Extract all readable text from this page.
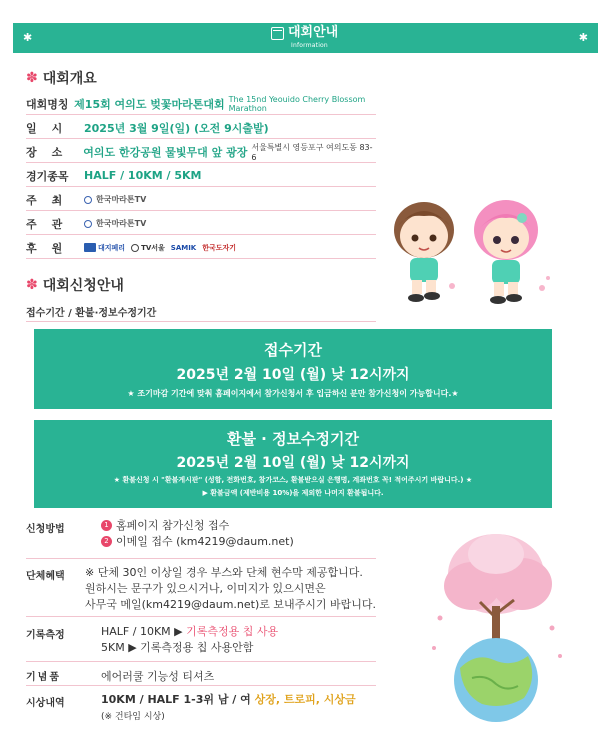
✱	대회안내
Information
✱
✽ 대회개요
대회명칭 제15회 여의도 벚꽃마라톤대회 The 15nd Yeouido Cherry Blossom Marathon
일시 2025년 3월 9일(일) (오전 9시출발)
장소 여의도 한강공원 물빛무대 앞 광장 서울특별시 영등포구 여의도동 83-6
경기종목	HALF / 10KM / 5KM
주최	한국마라톤TV
주관	한국마라톤TV
후원	대지페리 TV서울 SAMIK 한국도자기
✽ 대회신청안내
접수기간 / 환불·정보수정기간
접수기간
2025년 2월 10일 (월) 낮 12시까지
★ 조기마감 기간에 맞춰 홈페이지에서 참가신청서 후 입금하신 분만 참가신청이 가능합니다.★
환불 · 정보수정기간
2025년 2월 10일 (월) 낮 12시까지
★ 환불신청 시 "환불게시판" (성함, 전화번호, 참가코스, 환불받으실 은행명, 계좌번호 꼭! 적어주시기 바랍니다.) ★
▶ 환불금액 (제반비용 10%)을 제외한 나머지 환불됩니다.
신청방법	1 홈페이지 참가신청 접수
2 이메일 접수 (km4219@daum.net)
단체혜택	※ 단체 30인 이상일 경우 부스와 단체 현수막 제공합니다.
원하시는 문구가 있으시거나, 이미지가 있으시면은
사무국 메일(km4219@daum.net)로 보내주시기 바랍니다.
기록측정	HALF / 10KM ▶
기록측정용 칩 사용
5KM ▶ 기록측정용 칩 사용안함
기념품	에어러쿨 기능성 티셔츠
시상내역	10KM / HALF 1-3위 남 / 여
상장, 트로피, 시상금
(※ 건타임 시상)
